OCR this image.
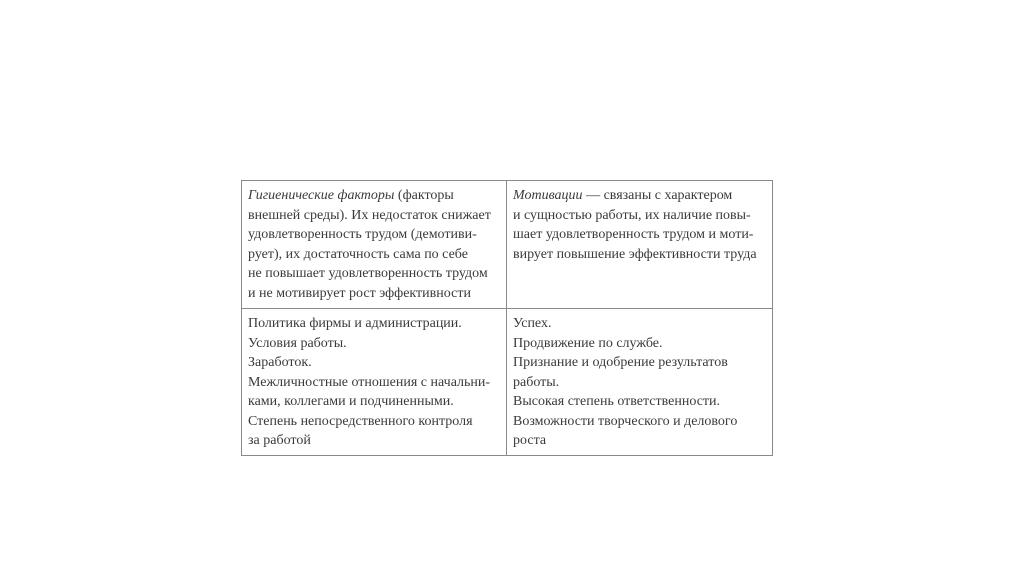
Гигиенические факторы (факторы
внешней среды). Их недостаток снижает
удовлетворенность трудом (демотиви-
рует), их достаточность сама по себе
не повышает удовлетворенность трудом
и не мотивирует рост эффективности
Мотивации — связаны с характером
и сущностью работы, их наличие повы-
шает удовлетворенность трудом и моти-
вирует повышение эффективности труда
Политика фирмы и администрации.
Условия работы.
Заработок.
Межличностные отношения с начальни-
ками, коллегами и подчиненными.
Степень непосредственного контроля
за работой
Успех.
Продвижение по службе.
Признание и одобрение результатов
работы.
Высокая степень ответственности.
Возможности творческого и делового
роста
